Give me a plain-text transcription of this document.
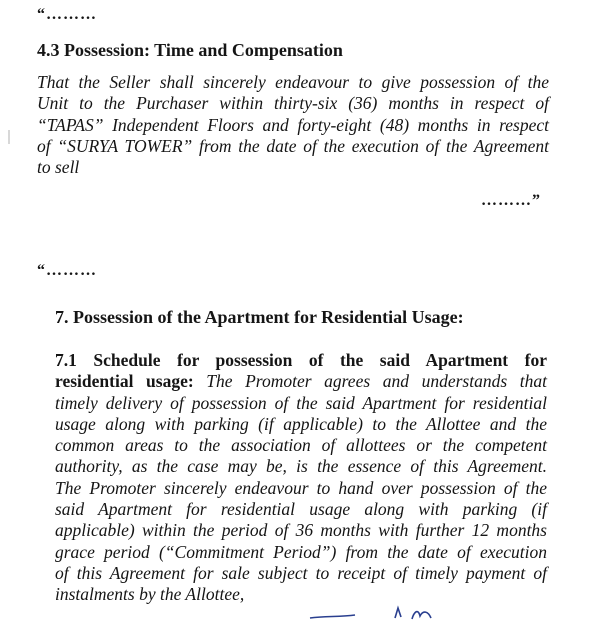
“………
4.3 Possession: Time and Compensation
That the Seller shall sincerely endeavour to give possession of the
Unit to the Purchaser within thirty-six (36) months in respect of
“TAPAS” Independent Floors and forty-eight (48) months in respect
of “SURYA TOWER” from the date of the execution of the Agreement
to sell
………”
“………
7. Possession of the Apartment for Residential Usage:
7.1 Schedule for possession of the said Apartment for
residential usage: The Promoter agrees and understands that
timely delivery of possession of the said Apartment for residential
usage along with parking (if applicable) to the Allottee and the
common areas to the association of allottees or the competent
authority, as the case may be, is the essence of this Agreement.
The Promoter sincerely endeavour to hand over possession of the
said Apartment for residential usage along with parking (if
applicable) within the period of 36 months with further 12 months
grace period (“Commitment Period”) from the date of execution
of this Agreement for sale subject to receipt of timely payment of
instalments by the Allottee,
